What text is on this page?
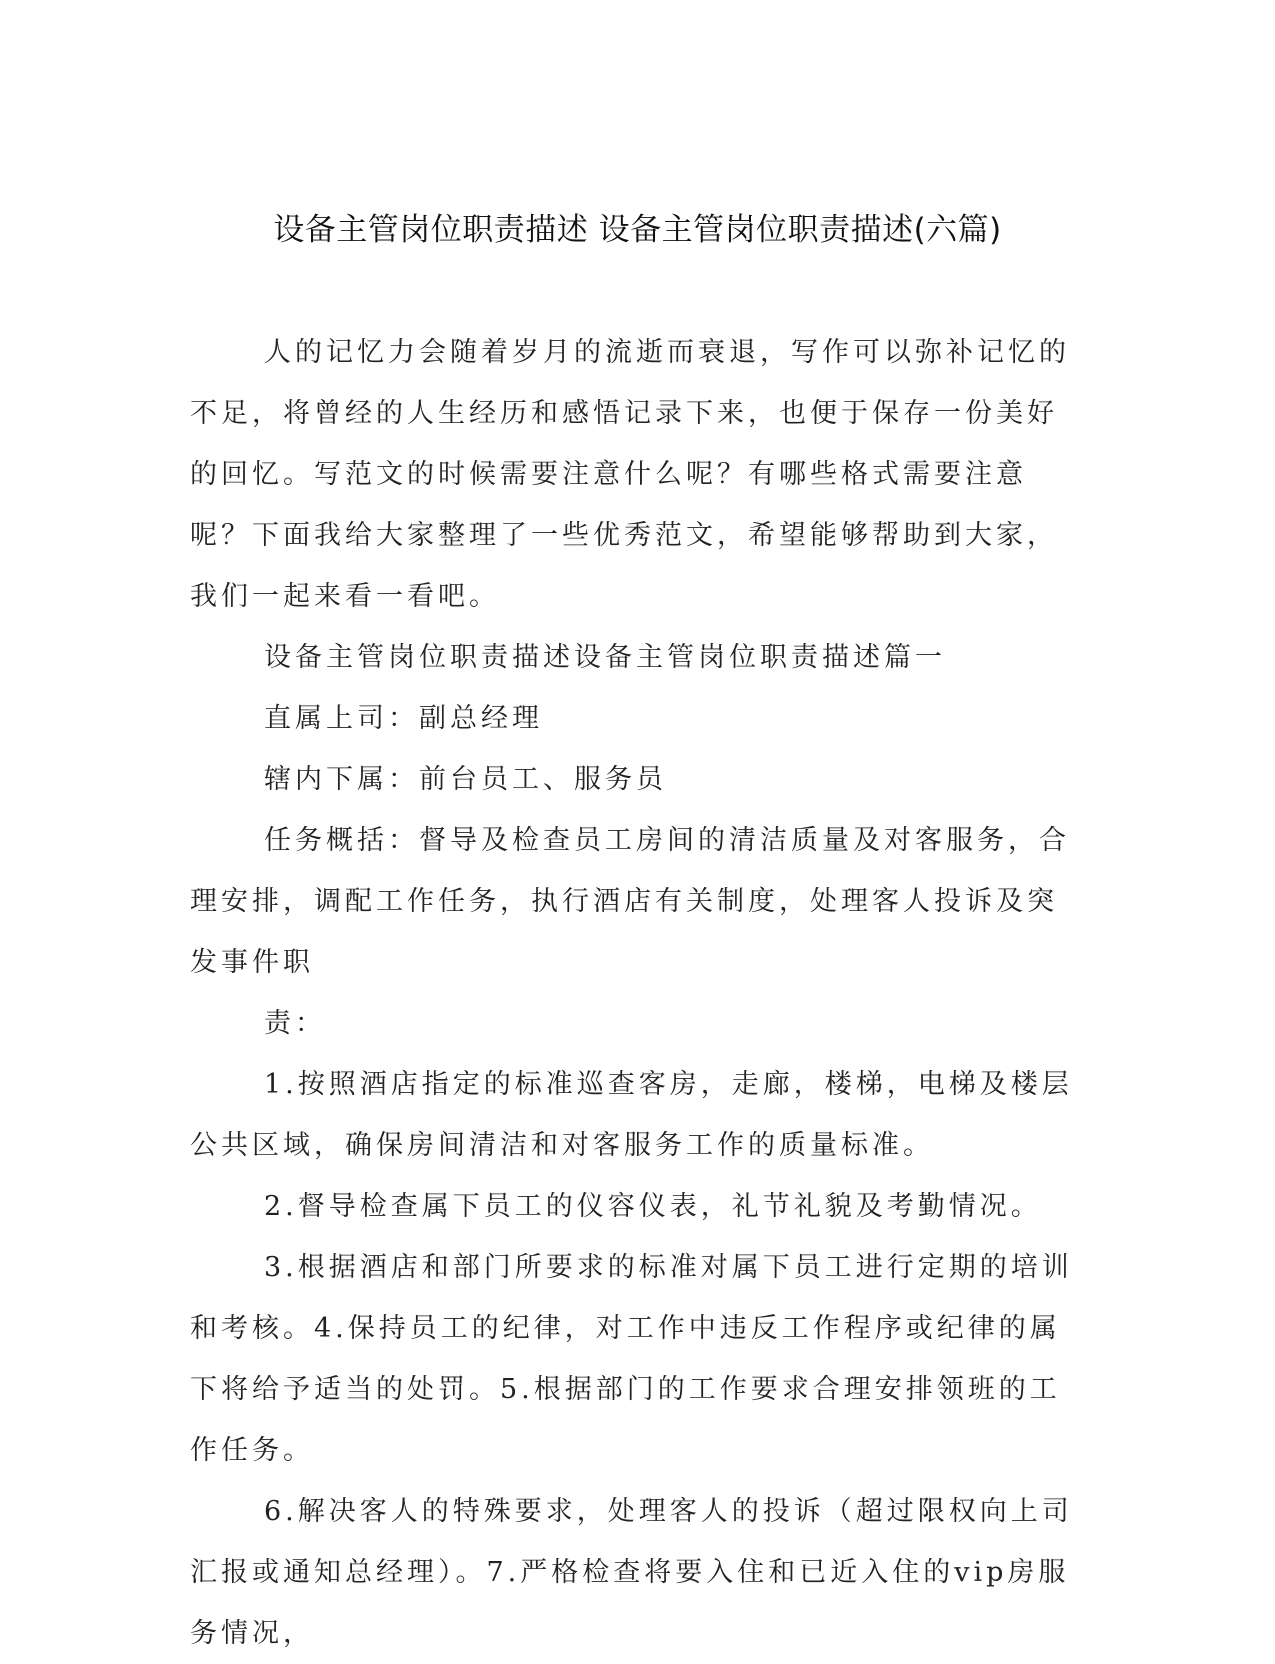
设备主管岗位职责描述 设备主管岗位职责描述(六篇)

人的记忆力会随着岁月的流逝而衰退，写作可以弥补记忆的不足，将曾经的人生经历和感悟记录下来，也便于保存一份美好的回忆。写范文的时候需要注意什么呢？有哪些格式需要注意呢？下面我给大家整理了一些优秀范文，希望能够帮助到大家，我们一起来看一看吧。

设备主管岗位职责描述设备主管岗位职责描述篇一

直属上司：副总经理

辖内下属：前台员工、服务员

任务概括：督导及检查员工房间的清洁质量及对客服务，合理安排，调配工作任务，执行酒店有关制度，处理客人投诉及突发事件职

责：

1.按照酒店指定的标准巡查客房，走廊，楼梯，电梯及楼层公共区域，确保房间清洁和对客服务工作的质量标准。

2.督导检查属下员工的仪容仪表，礼节礼貌及考勤情况。

3.根据酒店和部门所要求的标准对属下员工进行定期的培训和考核。4.保持员工的纪律，对工作中违反工作程序或纪律的属下将给予适当的处罚。5.根据部门的工作要求合理安排领班的工作任务。

6.解决客人的特殊要求，处理客人的投诉（超过限权向上司汇报或通知总经理）。7.严格检查将要入住和已近入住的vip房服务情况，
